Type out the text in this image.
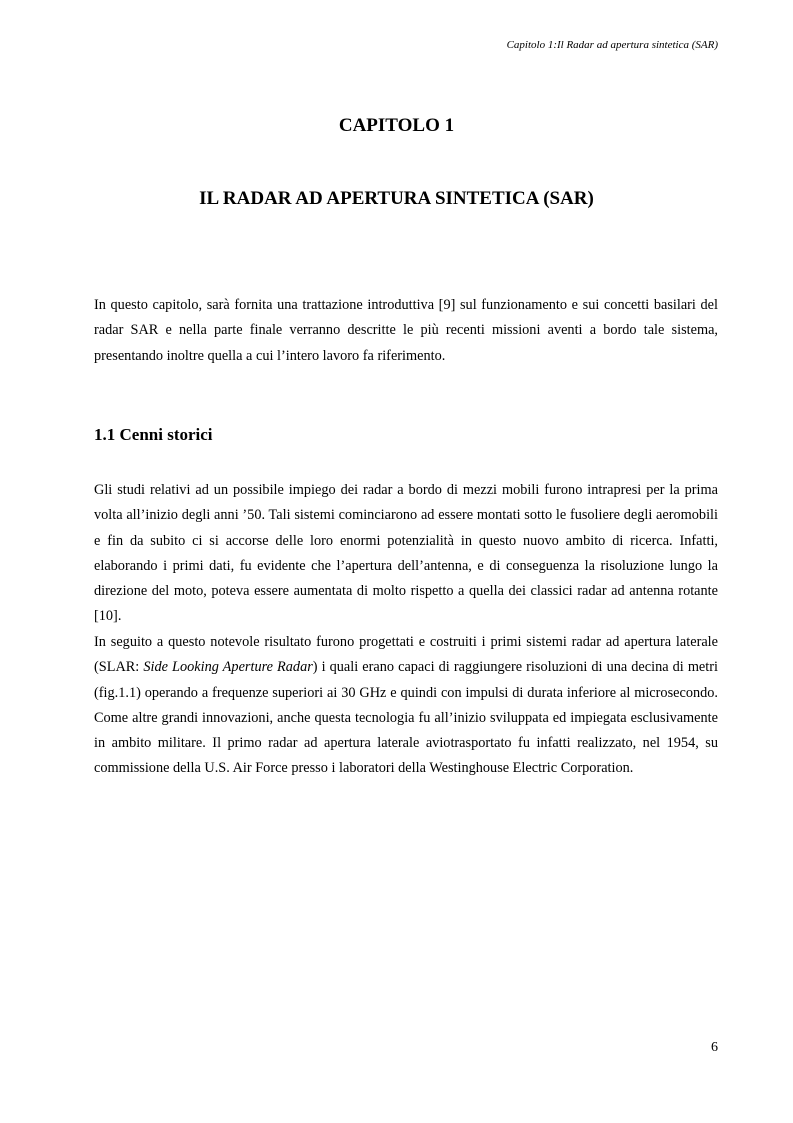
Capitolo 1:Il Radar ad apertura sintetica (SAR)
CAPITOLO 1
IL RADAR AD APERTURA SINTETICA (SAR)

In questo capitolo, sarà fornita una trattazione introduttiva [9] sul funzionamento e sui concetti basilari del radar SAR e nella parte finale verranno descritte le più recenti missioni aventi a bordo tale sistema, presentando inoltre quella a cui l’intero lavoro fa riferimento.

1.1 Cenni storici

Gli studi relativi ad un possibile impiego dei radar a bordo di mezzi mobili furono intrapresi per la prima volta all’inizio degli anni ’50. Tali sistemi cominciarono ad essere montati sotto le fusoliere degli aeromobili e fin da subito ci si accorse delle loro enormi potenzialità in questo nuovo ambito di ricerca. Infatti, elaborando i primi dati, fu evidente che l’apertura dell’antenna, e di conseguenza la risoluzione lungo la direzione del moto, poteva essere aumentata di molto rispetto a quella dei classici radar ad antenna rotante [10].

In seguito a questo notevole risultato furono progettati e costruiti i primi sistemi radar ad apertura laterale (SLAR: Side Looking Aperture Radar) i quali erano capaci di raggiungere risoluzioni di una decina di metri (fig.1.1) operando a frequenze superiori ai 30 GHz e quindi con impulsi di durata inferiore al microsecondo. Come altre grandi innovazioni, anche questa tecnologia fu all’inizio sviluppata ed impiegata esclusivamente in ambito militare. Il primo radar ad apertura laterale aviotrasportato fu infatti realizzato, nel 1954, su commissione della U.S. Air Force presso i laboratori della Westinghouse Electric Corporation.

6
